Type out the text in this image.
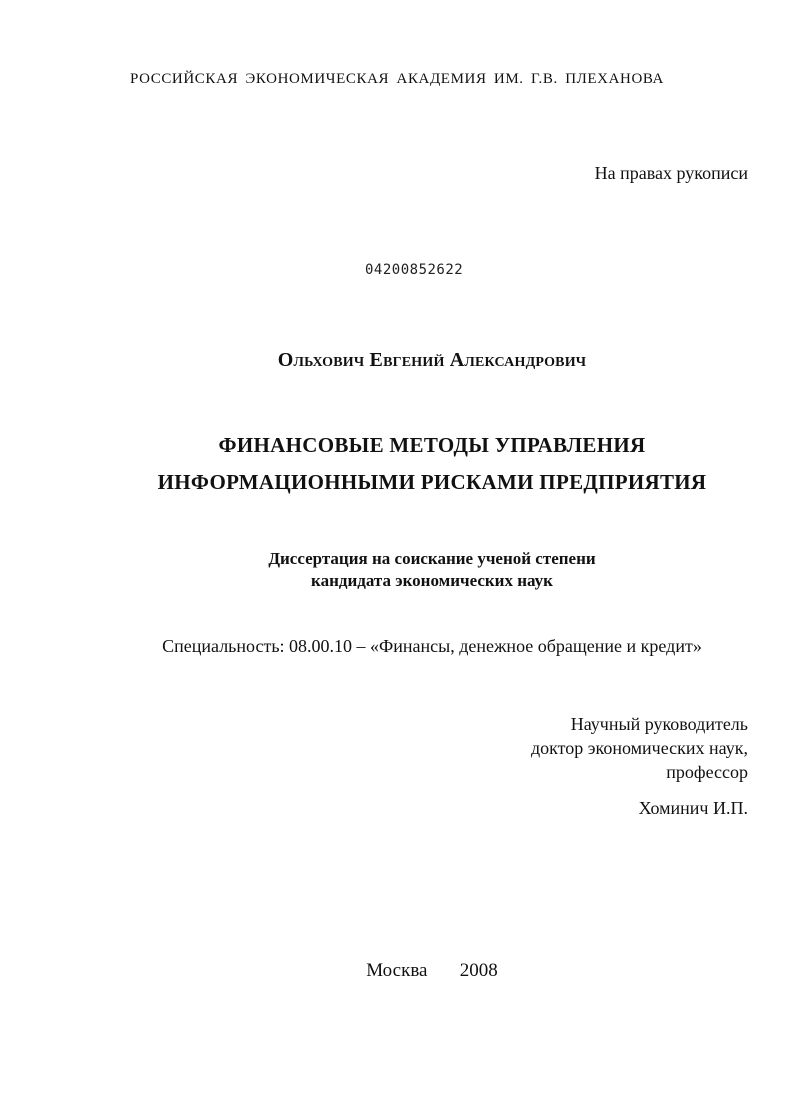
РОССИЙСКАЯ ЭКОНОМИЧЕСКАЯ АКАДЕМИЯ ИМ. Г.В. ПЛЕХАНОВА
На правах рукописи
04200852622
Ольхович Евгений Александрович
ФИНАНСОВЫЕ МЕТОДЫ УПРАВЛЕНИЯ
ИНФОРМАЦИОННЫМИ РИСКАМИ ПРЕДПРИЯТИЯ
Диссертация на соискание ученой степени
кандидата экономических наук
Специальность: 08.00.10 – «Финансы, денежное обращение и кредит»
Научный руководитель
доктор экономических наук,
профессор
Хоминич И.П.
Москва   2008
